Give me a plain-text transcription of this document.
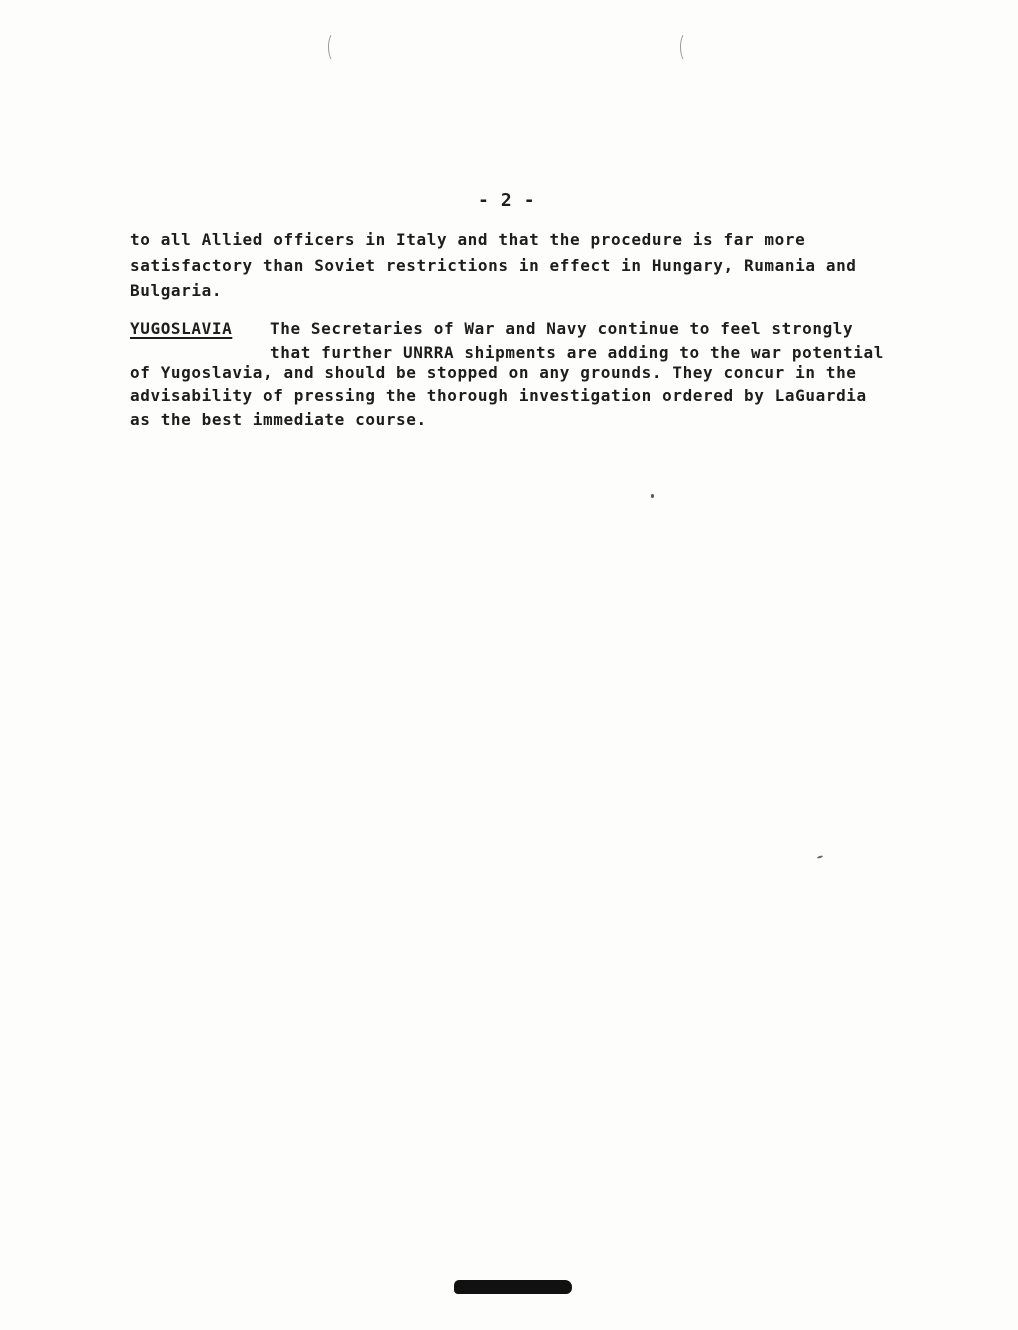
- 2 -
to all Allied officers in Italy and that the procedure is far more
satisfactory than Soviet restrictions in effect in Hungary, Rumania and
Bulgaria.
YUGOSLAVIA The Secretaries of War and Navy continue to feel strongly
that further UNRRA shipments are adding to the war potential
of Yugoslavia, and should be stopped on any grounds. They concur in the
advisability of pressing the thorough investigation ordered by LaGuardia
as the best immediate course.
